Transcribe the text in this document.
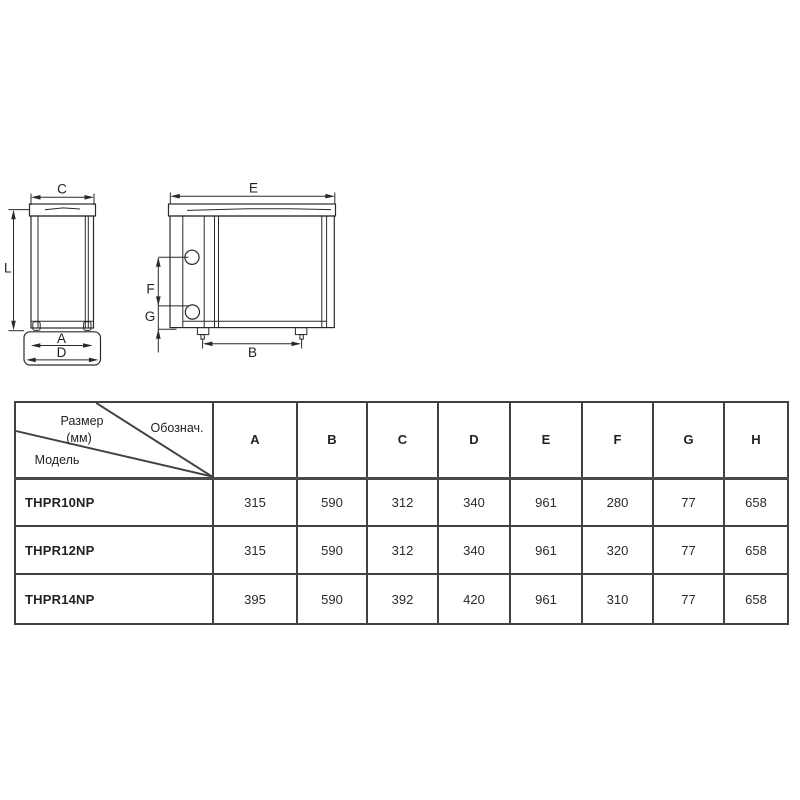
C
A
D
L
E
B
F
G
Размер
(мм)
Обознач.
Модель	A	B	C	D	E	F	G	H
THPR10NP	315	590	312	340	961	280	77	658
THPR12NP	315	590	312	340	961	320	77	658
THPR14NP	395	590	392	420	961	310	77	658
